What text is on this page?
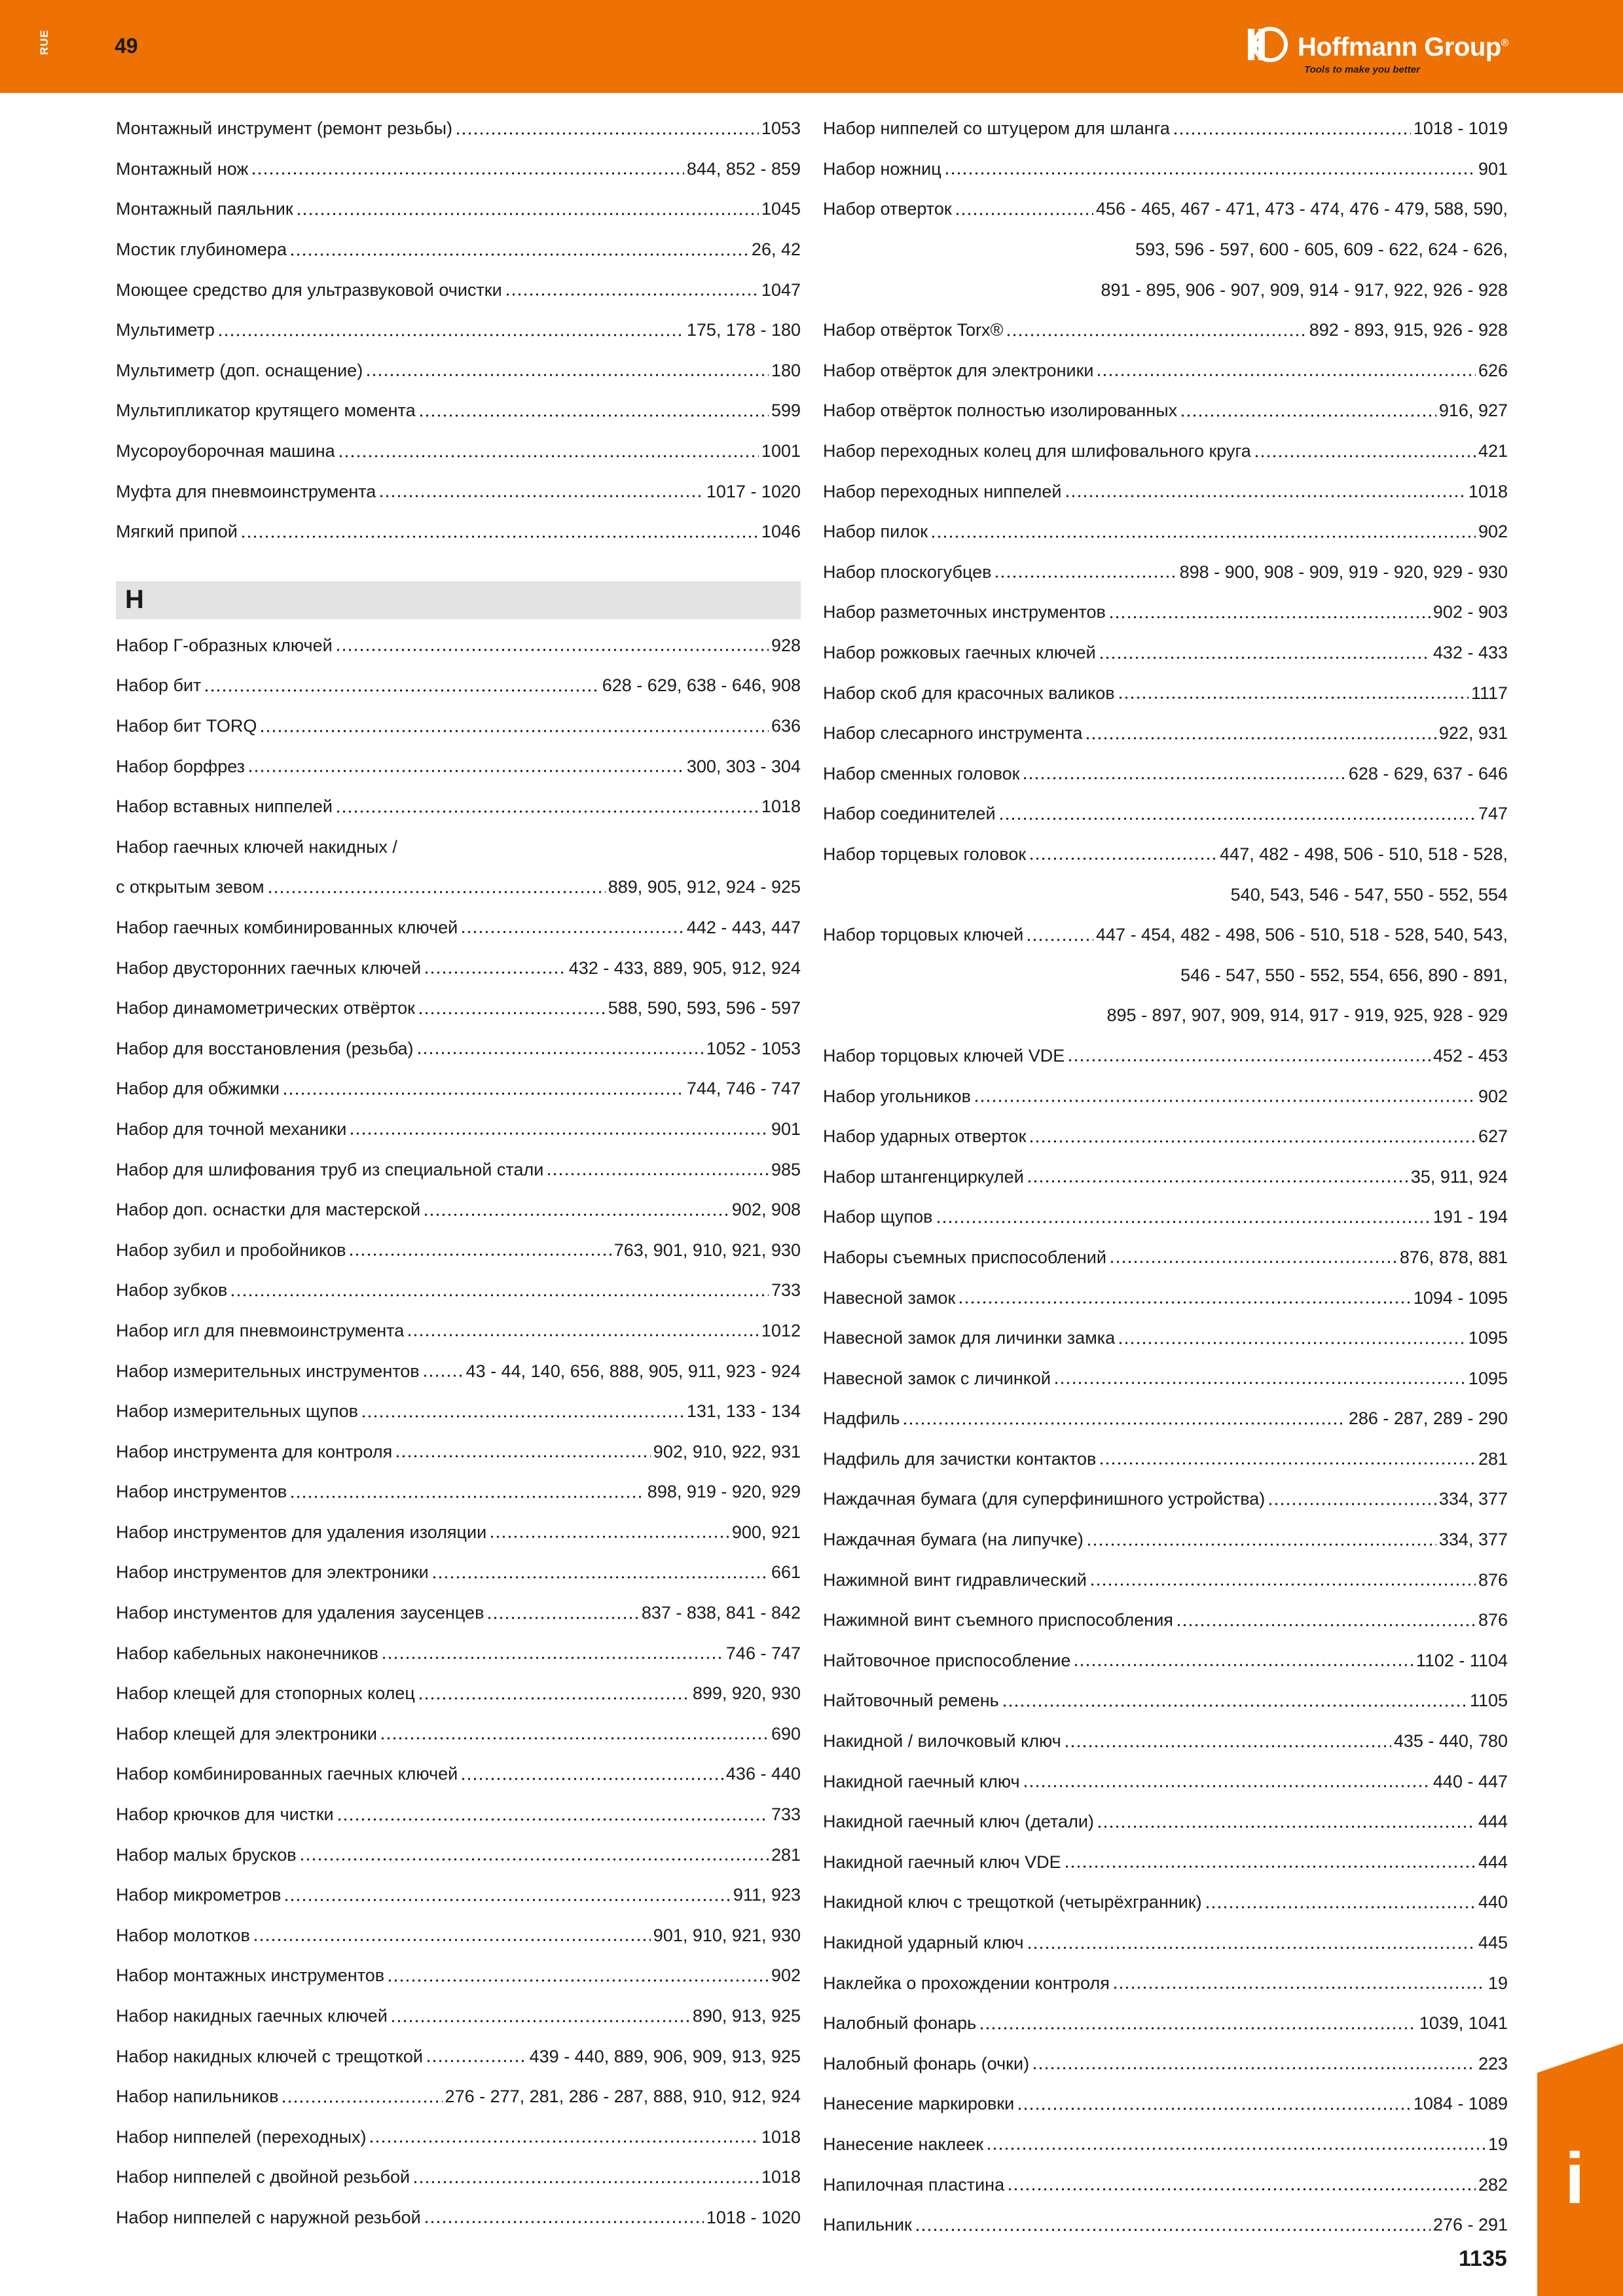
RUE	49	Hoffmann Group®
Tools to make you better
Монтажный инструмент (ремонт резьбы)	1053
Монтажный нож	844, 852 - 859
Монтажный паяльник	1045
Мостик глубиномера	26, 42
Моющее средство для ультразвуковой очистки	1047
Мультиметр	175, 178 - 180
Мультиметр (доп. оснащение)	180
Мультипликатор крутящего момента	599
Мусороуборочная машина	1001
Муфта для пневмоинструмента	1017 - 1020
Мягкий припой	1046
Н
Набор Г-образных ключей	928
Набор бит	628 - 629, 638 - 646, 908
Набор бит TORQ	636
Набор борфрез	300, 303 - 304
Набор вставных ниппелей	1018
Набор гаечных ключей накидных /
с открытым зевом	889, 905, 912, 924 - 925
Набор гаечных комбинированных ключей	442 - 443, 447
Набор двусторонних гаечных ключей	432 - 433, 889, 905, 912, 924
Набор динамометрических отвёрток	588, 590, 593, 596 - 597
Набор для восстановления (резьба)	1052 - 1053
Набор для обжимки	744, 746 - 747
Набор для точной механики	901
Набор для шлифования труб из специальной стали	985
Набор доп. оснастки для мастерской	902, 908
Набор зубил и пробойников	763, 901, 910, 921, 930
Набор зубков	733
Набор игл для пневмоинструмента	1012
Набор измерительных инструментов	43 - 44, 140, 656, 888, 905, 911, 923 - 924
Набор измерительных щупов	131, 133 - 134
Набор инструмента для контроля	902, 910, 922, 931
Набор инструментов	898, 919 - 920, 929
Набор инструментов для удаления изоляции	900, 921
Набор инструментов для электроники	661
Набор инстументов для удаления заусенцев	837 - 838, 841 - 842
Набор кабельных наконечников	746 - 747
Набор клещей для стопорных колец	899, 920, 930
Набор клещей для электроники	690
Набор комбинированных гаечных ключей	436 - 440
Набор крючков для чистки	733
Набор малых брусков	281
Набор микрометров	911, 923
Набор молотков	901, 910, 921, 930
Набор монтажных инструментов	902
Набор накидных гаечных ключей	890, 913, 925
Набор накидных ключей с трещоткой	439 - 440, 889, 906, 909, 913, 925
Набор напильников	276 - 277, 281, 286 - 287, 888, 910, 912, 924
Набор ниппелей (переходных)	1018
Набор ниппелей с двойной резьбой	1018
Набор ниппелей с наружной резьбой	1018 - 1020
Набор ниппелей со штуцером для шланга	1018 - 1019
Набор ножниц	901
Набор отверток	456 - 465, 467 - 471, 473 - 474, 476 - 479, 588, 590,
593, 596 - 597, 600 - 605, 609 - 622, 624 - 626,
891 - 895, 906 - 907, 909, 914 - 917, 922, 926 - 928
Набор отвёрток Torx®	892 - 893, 915, 926 - 928
Набор отвёрток для электроники	626
Набор отвёрток полностью изолированных	916, 927
Набор переходных колец для шлифовального круга	421
Набор переходных ниппелей	1018
Набор пилок	902
Набор плоскогубцев	898 - 900, 908 - 909, 919 - 920, 929 - 930
Набор разметочных инструментов	902 - 903
Набор рожковых гаечных ключей	432 - 433
Набор скоб для красочных валиков	1117
Набор слесарного инструмента	922, 931
Набор сменных головок	628 - 629, 637 - 646
Набор соединителей	747
Набор торцевых головок	447, 482 - 498, 506 - 510, 518 - 528,
540, 543, 546 - 547, 550 - 552, 554
Набор торцовых ключей	447 - 454, 482 - 498, 506 - 510, 518 - 528, 540, 543,
546 - 547, 550 - 552, 554, 656, 890 - 891,
895 - 897, 907, 909, 914, 917 - 919, 925, 928 - 929
Набор торцовых ключей VDE	452 - 453
Набор угольников	902
Набор ударных отверток	627
Набор штангенциркулей	35, 911, 924
Набор щупов	191 - 194
Наборы съемных приспособлений	876, 878, 881
Навесной замок	1094 - 1095
Навесной замок для личинки замка	1095
Навесной замок с личинкой	1095
Надфиль	286 - 287, 289 - 290
Надфиль для зачистки контактов	281
Наждачная бумага (для суперфинишного устройства)	334, 377
Наждачная бумага (на липучке)	334, 377
Нажимной винт гидравлический	876
Нажимной винт съемного приспособления	876
Найтовочное приспособление	1102 - 1104
Найтовочный ремень	1105
Накидной / вилочковый ключ	435 - 440, 780
Накидной гаечный ключ	440 - 447
Накидной гаечный ключ (детали)	444
Накидной гаечный ключ VDE	444
Накидной ключ с трещоткой (четырёхгранник)	440
Накидной ударный ключ	445
Наклейка о прохождении контроля	19
Налобный фонарь	1039, 1041
Налобный фонарь (очки)	223
Нанесение маркировки	1084 - 1089
Нанесение наклеек	19
Напилочная пластина	282
Напильник	276 - 291
i
1135
